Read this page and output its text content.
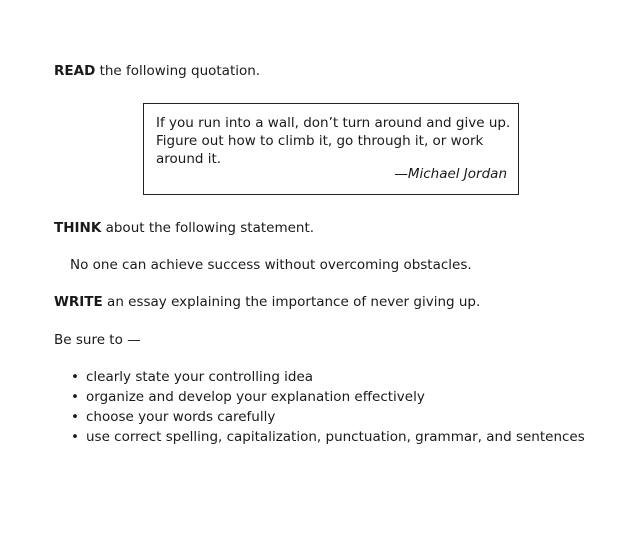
READ the following quotation.
If you run into a wall, don’t turn around and give up.
Figure out how to climb it, go through it, or work
around it.
—Michael Jordan
THINK about the following statement.
No one can achieve success without overcoming obstacles.
WRITE an essay explaining the importance of never giving up.
Be sure to —
• clearly state your controlling idea
• organize and develop your explanation effectively
• choose your words carefully
• use correct spelling, capitalization, punctuation, grammar, and sentences
